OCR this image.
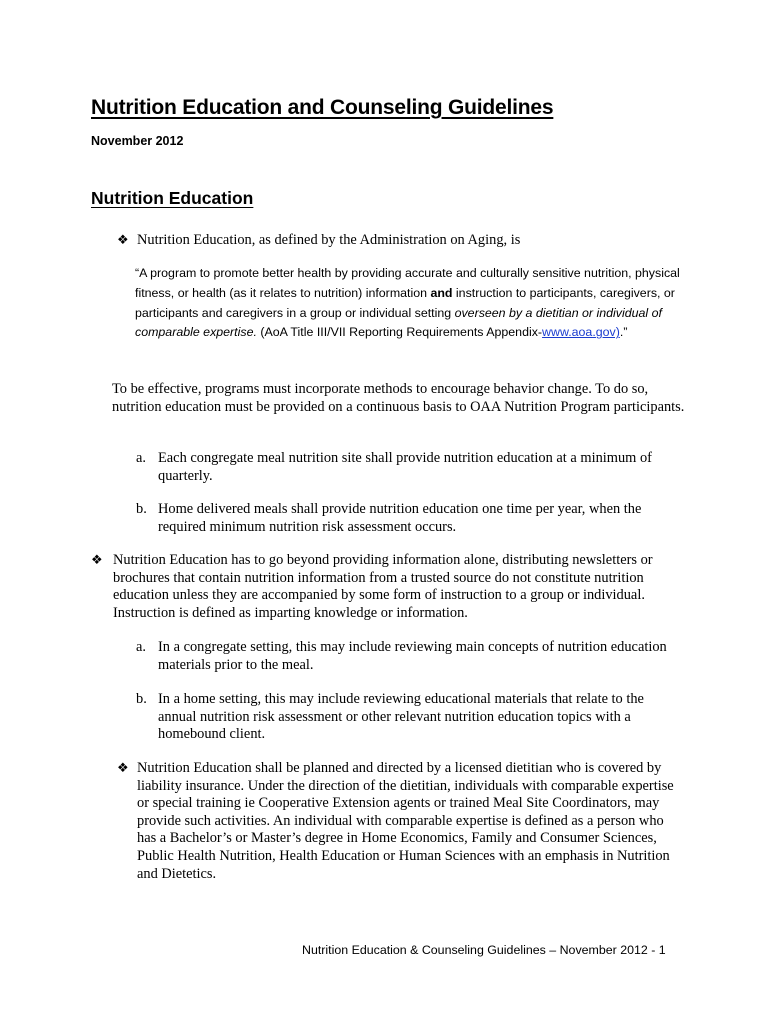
Nutrition Education and Counseling Guidelines
November 2012
Nutrition Education
❖ Nutrition Education, as defined by the Administration on Aging, is

“A program to promote better health by providing accurate and culturally sensitive nutrition, physical fitness, or health (as it relates to nutrition) information and instruction to participants, caregivers, or participants and caregivers in a group or individual setting overseen by a dietitian or individual of comparable expertise. (AoA Title III/VII Reporting Requirements Appendix-www.aoa.gov).”

To be effective, programs must incorporate methods to encourage behavior change. To do so, nutrition education must be provided on a continuous basis to OAA Nutrition Program participants.

a. Each congregate meal nutrition site shall provide nutrition education at a minimum of quarterly.
b. Home delivered meals shall provide nutrition education one time per year, when the required minimum nutrition risk assessment occurs.
❖ Nutrition Education has to go beyond providing information alone, distributing newsletters or brochures that contain nutrition information from a trusted source do not constitute nutrition education unless they are accompanied by some form of instruction to a group or individual. Instruction is defined as imparting knowledge or information.
a. In a congregate setting, this may include reviewing main concepts of nutrition education materials prior to the meal.
b. In a home setting, this may include reviewing educational materials that relate to the annual nutrition risk assessment or other relevant nutrition education topics with a homebound client.
❖ Nutrition Education shall be planned and directed by a licensed dietitian who is covered by liability insurance. Under the direction of the dietitian, individuals with comparable expertise or special training ie Cooperative Extension agents or trained Meal Site Coordinators, may provide such activities. An individual with comparable expertise is defined as a person who has a Bachelor’s or Master’s degree in Home Economics, Family and Consumer Sciences, Public Health Nutrition, Health Education or Human Sciences with an emphasis in Nutrition and Dietetics.
Nutrition Education & Counseling Guidelines – November 2012 - 1
